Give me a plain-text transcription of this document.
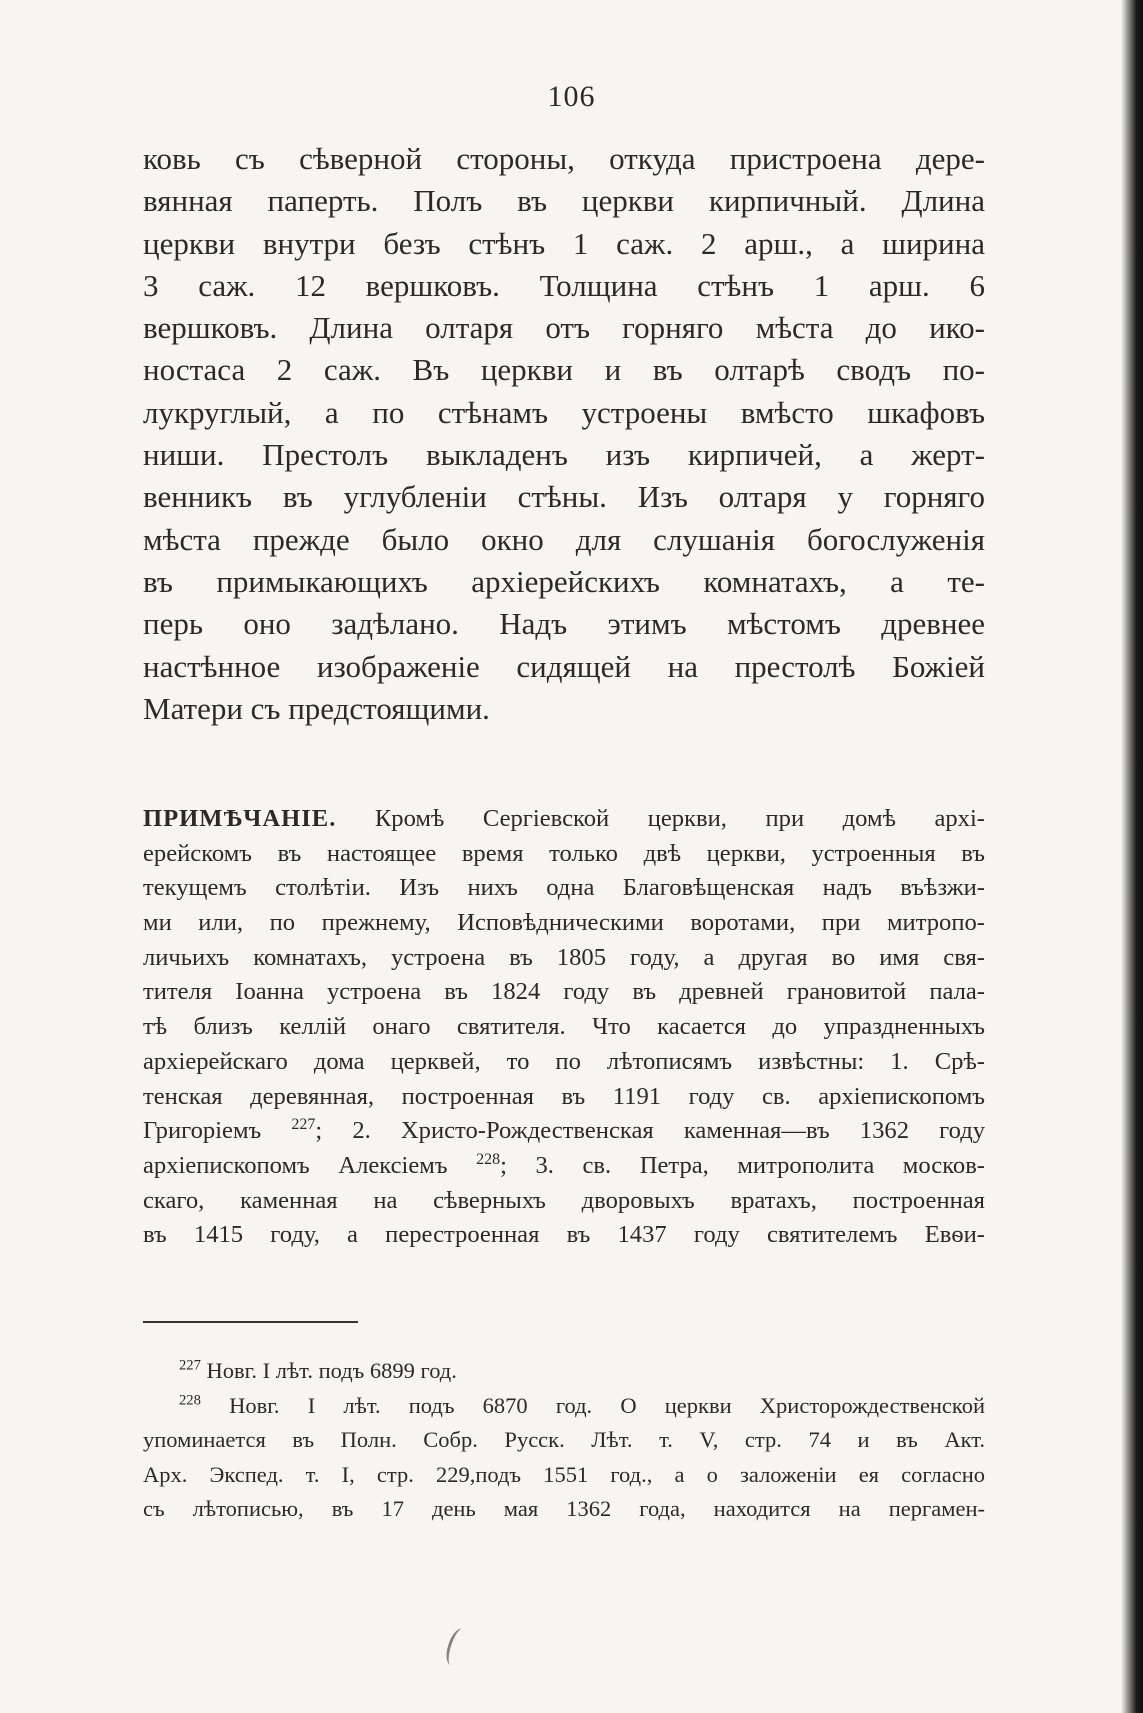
106
ковь съ сѣверной стороны, откуда пристроена дере-
вянная паперть. Полъ въ церкви кирпичный. Длина
церкви внутри безъ стѣнъ 1 саж. 2 арш., а ширина
3 саж. 12 вершковъ. Толщина стѣнъ 1 арш. 6
вершковъ. Длина олтаря отъ горняго мѣста до ико-
ностаса 2 саж. Въ церкви и въ олтарѣ сводъ по-
лукруглый, а по стѣнамъ устроены вмѣсто шкафовъ
ниши. Престолъ выкладенъ изъ кирпичей, а жерт-
венникъ въ углубленіи стѣны. Изъ олтаря у горняго
мѣста прежде было окно для слушанія богослуженія
въ примыкающихъ архіерейскихъ комнатахъ, а те-
перь оно задѣлано. Надъ этимъ мѣстомъ древнее
настѣнное изображеніе сидящей на престолѣ Божіей
Матери съ предстоящими.
ПРИМѢЧАНІЕ. Кромѣ Сергіевской церкви, при домѣ архі-
ерейскомъ въ настоящее время только двѣ церкви, устроенныя въ
текущемъ столѣтіи. Изъ нихъ одна Благовѣщенская надъ въѣзжи-
ми или, по прежнему, Исповѣдническими воротами, при митропо-
личьихъ комнатахъ, устроена въ 1805 году, а другая во имя свя-
тителя Іоанна устроена въ 1824 году въ древней грановитой пала-
тѣ близъ келлій онаго святителя. Что касается до упраздненныхъ
архіерейскаго дома церквей, то по лѣтописямъ извѣстны: 1. Срѣ-
тенская деревянная, построенная въ 1191 году св. архіепископомъ
Григоріемъ $^{227}$; 2. Христо-Рождественская каменная—въ 1362 году
архіепископомъ Алексіемъ $^{228}$; 3. св. Петра, митрополита москов-
скаго, каменная на сѣверныхъ дворовыхъ вратахъ, построенная
въ 1415 году, а перестроенная въ 1437 году святителемъ Евѳи-
$^{227}$ Новг. I лѣт. подъ 6899 год.
$^{228}$ Новг. I лѣт. подъ 6870 год. О церкви Христорождественской
упоминается въ Полн. Собр. Русск. Лѣт. т. V, стр. 74 и въ Акт.
Арх. Экспед. т. I, стр. 229,подъ 1551 год., а о заложеніи ея согласно
съ лѣтописью, въ 17 день мая 1362 года, находится на пергамен-
